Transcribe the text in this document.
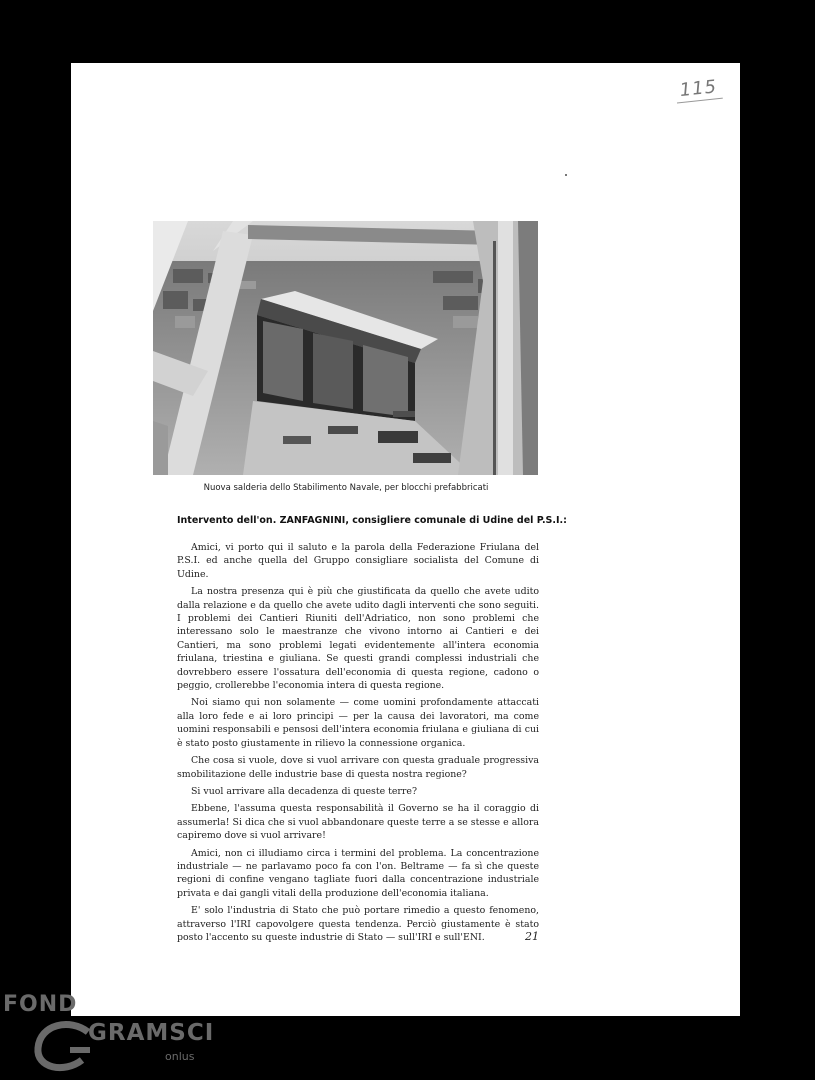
115
Nuova salderia dello Stabilimento Navale, per blocchi prefabbricati
Intervento dell'on. ZANFAGNINI, consigliere comunale di Udine del P.S.I.:

Amici, vi porto qui il saluto e la parola della Federazione Friulana del P.S.I. ed anche quella del Gruppo consigliare socialista del Comune di Udine.

La nostra presenza qui è più che giustificata da quello che avete udito dalla relazione e da quello che avete udito dagli interventi che sono seguiti. I problemi dei Cantieri Riuniti dell'Adriatico, non sono problemi che interessano solo le maestranze che vivono intorno ai Cantieri e dei Cantieri, ma sono problemi legati evidentemente all'intera economia friulana, triestina e giuliana. Se questi grandi complessi industriali che dovrebbero essere l'ossatura dell'economia di questa regione, cadono o peggio, crollerebbe l'economia intera di questa regione.

Noi siamo qui non solamente — come uomini profondamente attaccati alla loro fede e ai loro principi — per la causa dei lavoratori, ma come uomini responsabili e pensosi dell'intera economia friulana e giuliana di cui è stato posto giustamente in rilievo la connessione organica.

Che cosa si vuole, dove si vuol arrivare con questa graduale progressiva smobilitazione delle industrie base di questa nostra regione?

Si vuol arrivare alla decadenza di queste terre?

Ebbene, l'assuma questa responsabilità il Governo se ha il coraggio di assumerla! Si dica che si vuol abbandonare queste terre a se stesse e allora capiremo dove si vuol arrivare!

Amici, non ci illudiamo circa i termini del problema. La concentrazione industriale — ne parlavamo poco fa con l'on. Beltrame — fa sì che queste regioni di confine vengano tagliate fuori dalla concentrazione industriale privata e dai gangli vitali della produzione dell'economia italiana.

E' solo l'industria di Stato che può portare rimedio a questo fenomeno, attraverso l'IRI capovolgere questa tendenza. Perciò giustamente è stato posto l'accento su queste industrie di Stato — sull'IRI e sull'ENI.	21
FOND
GRAMSCI
onlus
